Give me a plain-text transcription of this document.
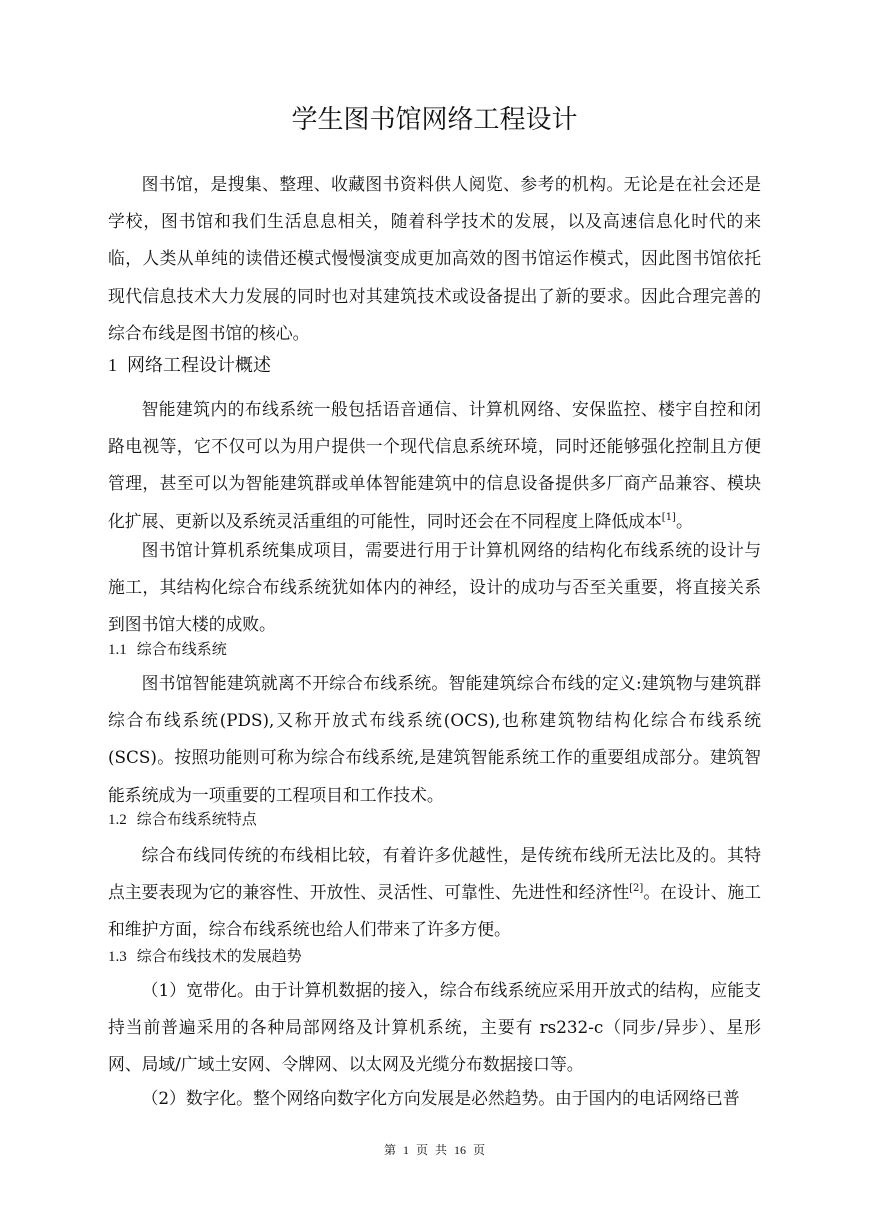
学生图书馆网络工程设计

图书馆，是搜集、整理、收藏图书资料供人阅览、参考的机构。无论是在社会还是学校，图书馆和我们生活息息相关，随着科学技术的发展，以及高速信息化时代的来临，人类从单纯的读借还模式慢慢演变成更加高效的图书馆运作模式，因此图书馆依托现代信息技术大力发展的同时也对其建筑技术或设备提出了新的要求。因此合理完善的综合布线是图书馆的核心。

1 网络工程设计概述

智能建筑内的布线系统一般包括语音通信、计算机网络、安保监控、楼宇自控和闭路电视等，它不仅可以为用户提供一个现代信息系统环境，同时还能够强化控制且方便管理，甚至可以为智能建筑群或单体智能建筑中的信息设备提供多厂商产品兼容、模块化扩展、更新以及系统灵活重组的可能性，同时还会在不同程度上降低成本[1]。

图书馆计算机系统集成项目，需要进行用于计算机网络的结构化布线系统的设计与施工，其结构化综合布线系统犹如体内的神经，设计的成功与否至关重要，将直接关系到图书馆大楼的成败。

1.1 综合布线系统

图书馆智能建筑就离不开综合布线系统。智能建筑综合布线的定义:建筑物与建筑群综合布线系统(PDS),又称开放式布线系统(OCS),也称建筑物结构化综合布线系统(SCS)。按照功能则可称为综合布线系统,是建筑智能系统工作的重要组成部分。建筑智能系统成为一项重要的工程项目和工作技术。

1.2 综合布线系统特点

综合布线同传统的布线相比较，有着许多优越性，是传统布线所无法比及的。其特点主要表现为它的兼容性、开放性、灵活性、可靠性、先进性和经济性[2]。在设计、施工和维护方面，综合布线系统也给人们带来了许多方便。

1.3 综合布线技术的发展趋势

（1）宽带化。由于计算机数据的接入，综合布线系统应采用开放式的结构，应能支持当前普遍采用的各种局部网络及计算机系统，主要有 rs232-c（同步/异步）、星形网、局域/广域土安网、令牌网、以太网及光缆分布数据接口等。

（2）数字化。整个网络向数字化方向发展是必然趋势。由于国内的电话网络已普

第 1 页 共 16 页
